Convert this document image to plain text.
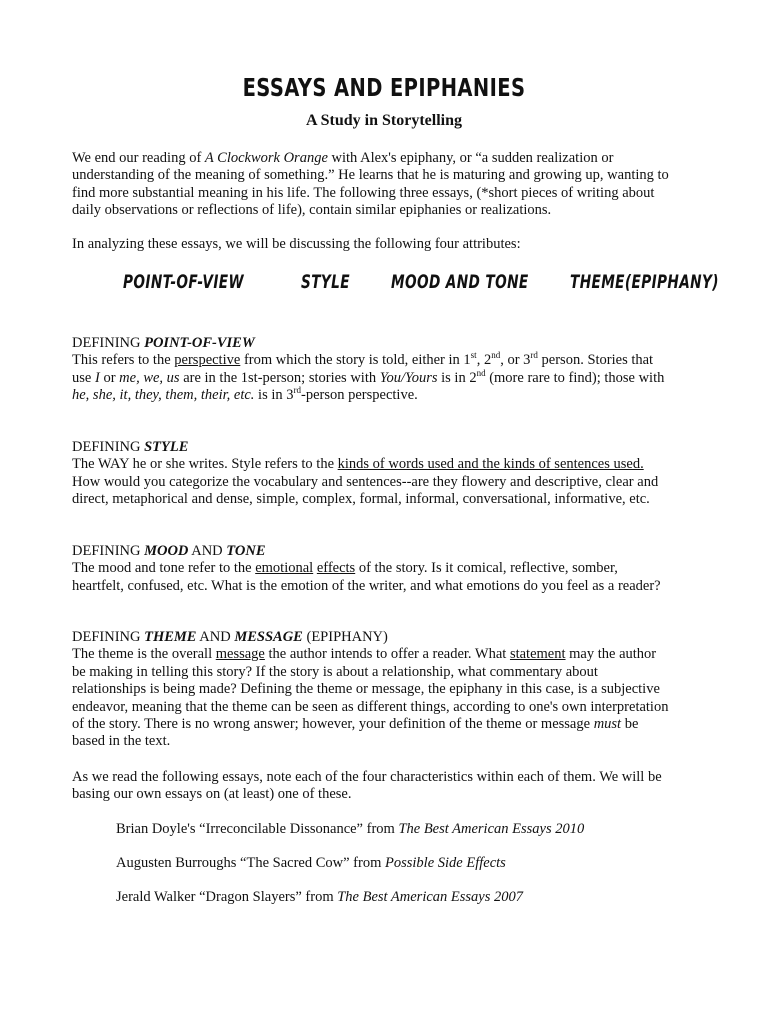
ESSAYS AND EPIPHANIES
A Study in Storytelling
We end our reading of A Clockwork Orange with Alex's epiphany, or “a sudden realization or
understanding of the meaning of something.” He learns that he is maturing and growing up, wanting to
find more substantial meaning in his life. The following three essays, (*short pieces of writing about
daily observations or reflections of life), contain similar epiphanies or realizations.
In analyzing these essays, we will be discussing the following four attributes:
POINT-OF-VIEW	STYLE MOOD AND TONE THEME(EPIPHANY)
DEFINING POINT-OF-VIEW
This refers to the perspective from which the story is told, either in 1st, 2nd, or 3rd person. Stories that
use I or me, we, us are in the 1st-person; stories with You/Yours is in 2nd (more rare to find); those with
he, she, it, they, them, their, etc. is in 3rd-person perspective.
DEFINING STYLE
The WAY he or she writes. Style refers to the kinds of words used and the kinds of sentences used.
How would you categorize the vocabulary and sentences--are they flowery and descriptive, clear and
direct, metaphorical and dense, simple, complex, formal, informal, conversational, informative, etc.
DEFINING MOOD AND TONE
The mood and tone refer to the emotional effects of the story. Is it comical, reflective, somber,
heartfelt, confused, etc. What is the emotion of the writer, and what emotions do you feel as a reader?
DEFINING THEME AND MESSAGE (EPIPHANY)
The theme is the overall message the author intends to offer a reader. What statement may the author
be making in telling this story? If the story is about a relationship, what commentary about
relationships is being made? Defining the theme or message, the epiphany in this case, is a subjective
endeavor, meaning that the theme can be seen as different things, according to one's own interpretation
of the story. There is no wrong answer; however, your definition of the theme or message must be
based in the text.
As we read the following essays, note each of the four characteristics within each of them. We will be
basing our own essays on (at least) one of these.
Brian Doyle's “Irreconcilable Dissonance” from The Best American Essays 2010
Augusten Burroughs “The Sacred Cow” from Possible Side Effects
Jerald Walker “Dragon Slayers” from The Best American Essays 2007
